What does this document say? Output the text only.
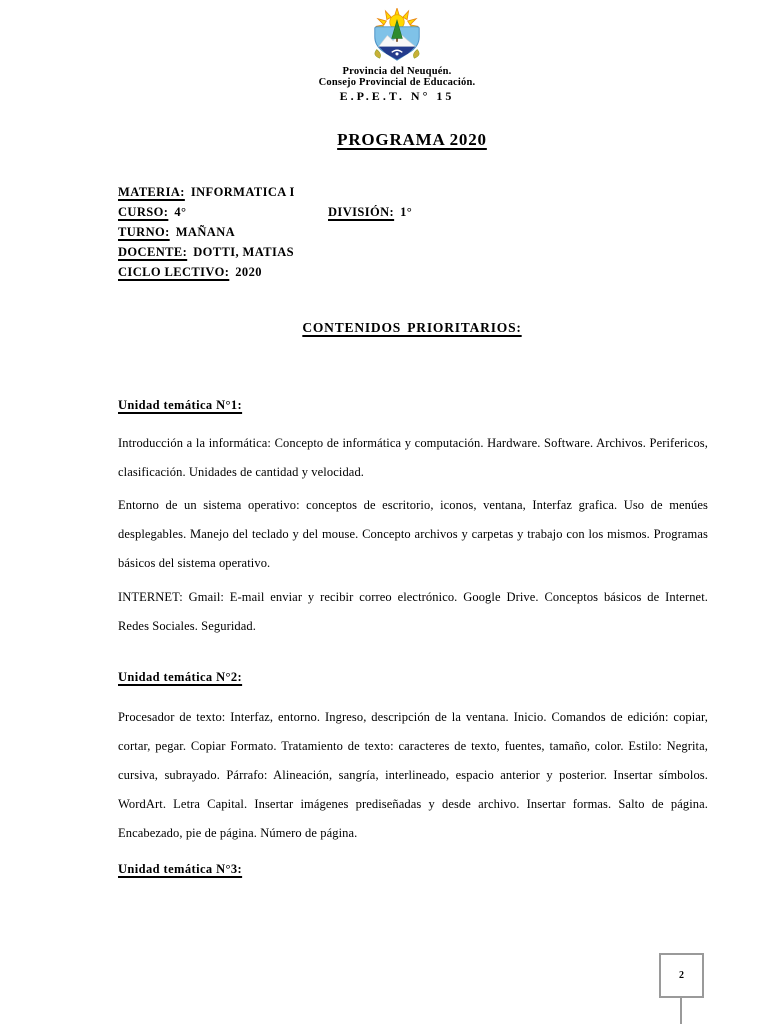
Provincia del Neuquén.
Consejo Provincial de Educación.
E.P.E.T. N° 15
PROGRAMA 2020
MATERIA: INFORMATICA I
CURSO: 4°	DIVISIÓN: 1°
TURNO: MAÑANA
DOCENTE: DOTTI, MATIAS
CICLO LECTIVO: 2020
CONTENIDOS PRIORITARIOS:
Unidad temática N°1:
Introducción a la informática: Concepto de informática y computación. Hardware. Software. Archivos. Perifericos, clasificación. Unidades de cantidad y velocidad.
Entorno de un sistema operativo: conceptos de escritorio, iconos, ventana, Interfaz grafica. Uso de menúes desplegables. Manejo del teclado y del mouse. Concepto archivos y carpetas y trabajo con los mismos. Programas básicos del sistema operativo.
INTERNET: Gmail: E-mail enviar y recibir correo electrónico. Google Drive. Conceptos básicos de Internet. Redes Sociales. Seguridad.
Unidad temática N°2:
Procesador de texto: Interfaz, entorno. Ingreso, descripción de la ventana. Inicio. Comandos de edición: copiar, cortar, pegar. Copiar Formato. Tratamiento de texto: caracteres de texto, fuentes, tamaño, color. Estilo: Negrita, cursiva, subrayado. Párrafo: Alineación, sangría, interlineado, espacio anterior y posterior. Insertar símbolos. WordArt. Letra Capital. Insertar imágenes prediseñadas y desde archivo. Insertar formas. Salto de página. Encabezado, pie de página. Número de página.
Unidad temática N°3:
2
